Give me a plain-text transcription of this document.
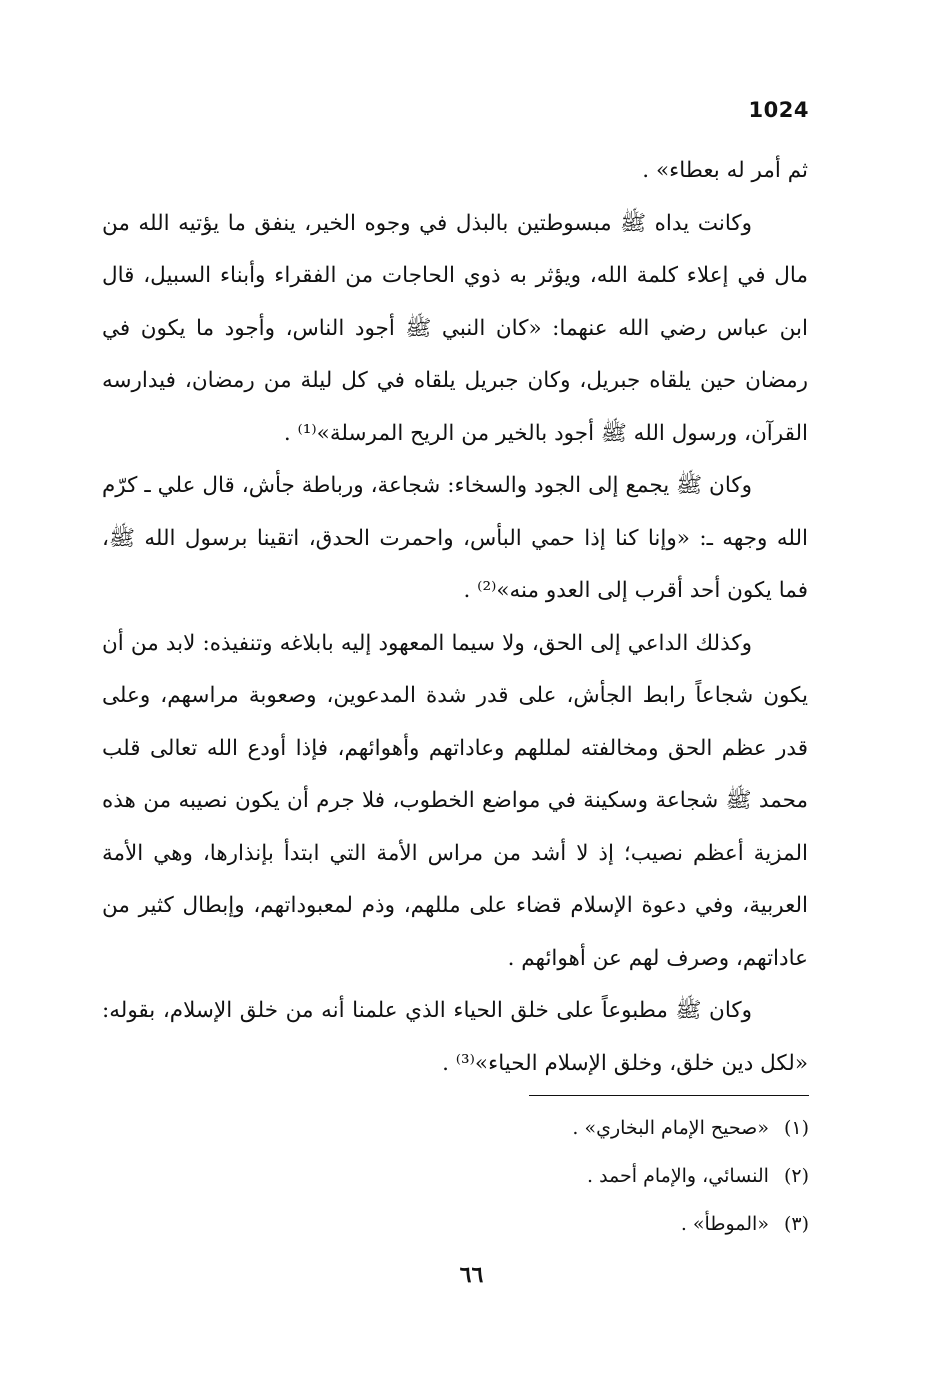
1024

ثم أمر له بعطاء» .

وكانت يداه ﷺ مبسوطتين بالبذل في وجوه الخير، ينفق ما يؤتيه الله من مال في إعلاء كلمة الله، ويؤثر به ذوي الحاجات من الفقراء وأبناء السبيل، قال ابن عباس رضي الله عنهما: «كان النبي ﷺ أجود الناس، وأجود ما يكون في رمضان حين يلقاه جبريل، وكان جبريل يلقاه في كل ليلة من رمضان، فيدارسه القرآن، ورسول الله ﷺ أجود بالخير من الريح المرسلة»⁽¹⁾ .

وكان ﷺ يجمع إلى الجود والسخاء: شجاعة، ورباطة جأش، قال علي ـ كرّم الله وجهه ـ: «وإنا كنا إذا حمي البأس، واحمرت الحدق، اتقينا برسول الله ﷺ، فما يكون أحد أقرب إلى العدو منه»⁽²⁾ .

وكذلك الداعي إلى الحق، ولا سيما المعهود إليه بابلاغه وتنفيذه: لابد من أن يكون شجاعاً رابط الجأش، على قدر شدة المدعوين، وصعوبة مراسهم، وعلى قدر عظم الحق ومخالفته لمللهم وعاداتهم وأهوائهم، فإذا أودع الله تعالى قلب محمد ﷺ شجاعة وسكينة في مواضع الخطوب، فلا جرم أن يكون نصيبه من هذه المزية أعظم نصيب؛ إذ لا أشد من مراس الأمة التي ابتدأ بإنذارها، وهي الأمة العربية، وفي دعوة الإسلام قضاء على مللهم، وذم لمعبوداتهم، وإبطال كثير من عاداتهم، وصرف لهم عن أهوائهم .

وكان ﷺ مطبوعاً على خلق الحياء الذي علمنا أنه من خلق الإسلام، بقوله: «لكل دين خلق، وخلق الإسلام الحياء»⁽³⁾ .

(١) «صحيح الإمام البخاري» .
(٢) النسائي، والإمام أحمد .
(٣) «الموطأ» .
٦٦
